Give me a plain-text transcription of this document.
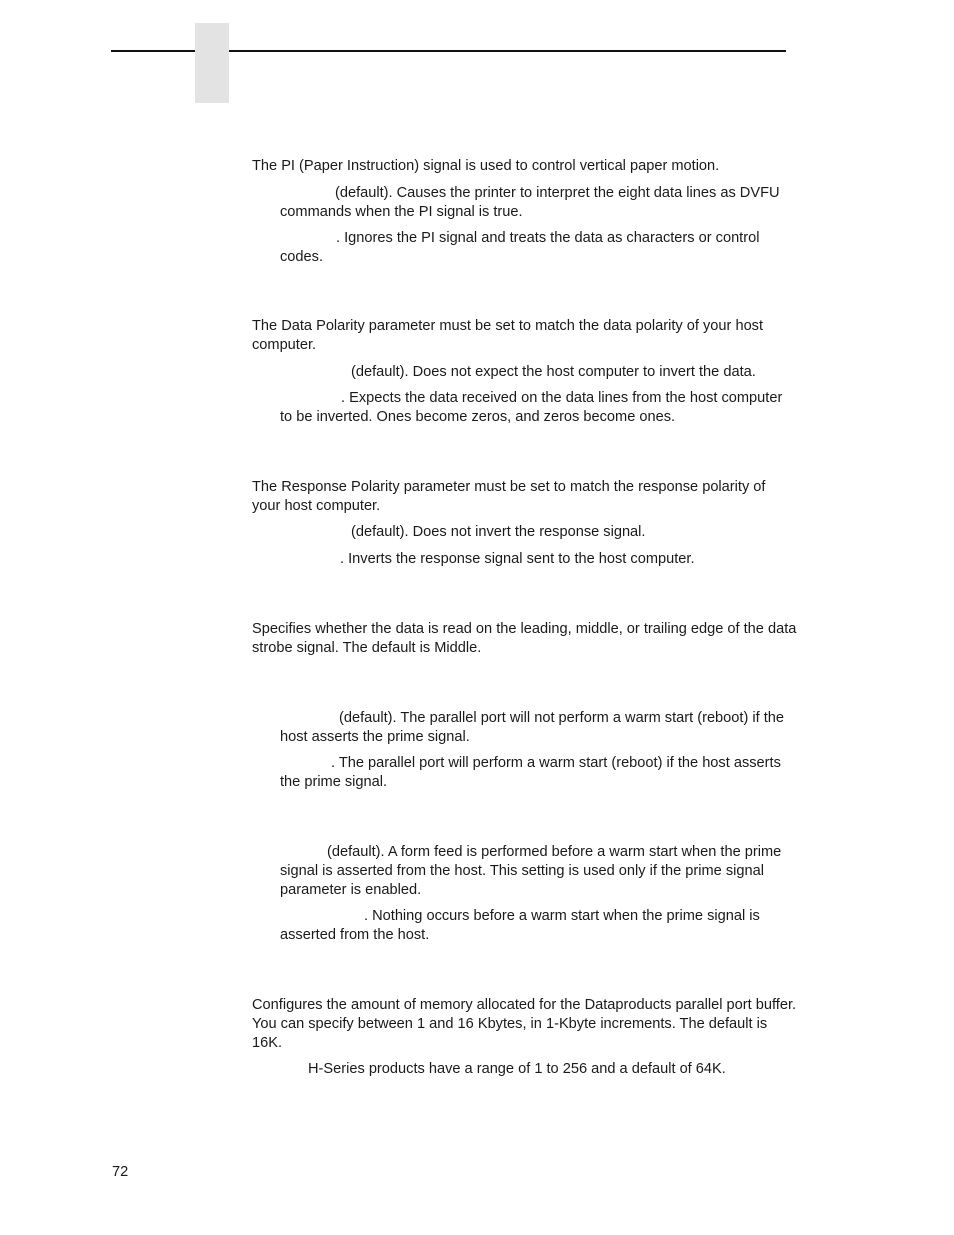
The PI (Paper Instruction) signal is used to control vertical paper motion.

(default). Causes the printer to interpret the eight data lines as DVFU commands when the PI signal is true.

. Ignores the PI signal and treats the data as characters or control codes.

The Data Polarity parameter must be set to match the data polarity of your host computer.

(default). Does not expect the host computer to invert the data.

. Expects the data received on the data lines from the host computer to be inverted. Ones become zeros, and zeros become ones.

The Response Polarity parameter must be set to match the response polarity of your host computer.

(default). Does not invert the response signal.

. Inverts the response signal sent to the host computer.

Specifies whether the data is read on the leading, middle, or trailing edge of the data strobe signal. The default is Middle.

(default). The parallel port will not perform a warm start (reboot) if the host asserts the prime signal.

. The parallel port will perform a warm start (reboot) if the host asserts the prime signal.

(default). A form feed is performed before a warm start when the prime signal is asserted from the host. This setting is used only if the prime signal parameter is enabled.

. Nothing occurs before a warm start when the prime signal is asserted from the host.

Configures the amount of memory allocated for the Dataproducts parallel port buffer. You can specify between 1 and 16 Kbytes, in 1-Kbyte increments. The default is 16K.

H-Series products have a range of 1 to 256 and a default of 64K.

72
